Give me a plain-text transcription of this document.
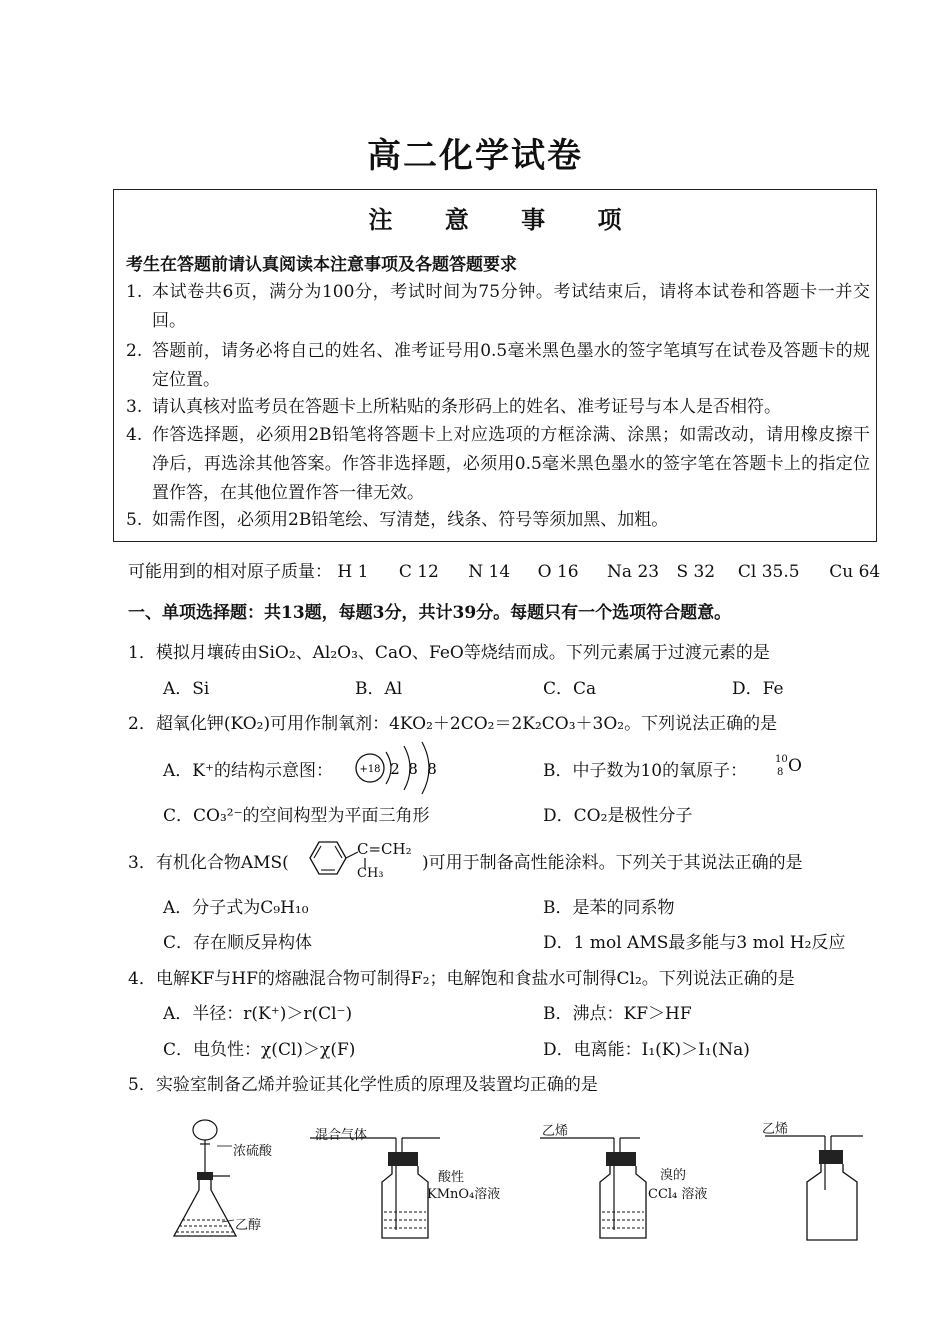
高二化学试卷
注 意 事 项
考生在答题前请认真阅读本注意事项及各题答题要求
1. 本试卷共6页，满分为100分，考试时间为75分钟。考试结束后，请将本试卷和答题卡一并交回。
2. 答题前，请务必将自己的姓名、准考证号用0.5毫米黑色墨水的签字笔填写在试卷及答题卡的规定位置。
3. 请认真核对监考员在答题卡上所粘贴的条形码上的姓名、准考证号与本人是否相符。
4. 作答选择题，必须用2B铅笔将答题卡上对应选项的方框涂满、涂黑；如需改动，请用橡皮擦干净后，再选涂其他答案。作答非选择题，必须用0.5毫米黑色墨水的签字笔在答题卡上的指定位置作答，在其他位置作答一律无效。
5. 如需作图，必须用2B铅笔绘、写清楚，线条、符号等须加黑、加粗。
可能用到的相对原子质量： H 1 C 12 N 14 O 16 Na 23 S 32 Cl 35.5 Cu 64
一、单项选择题：共13题，每题3分，共计39分。每题只有一个选项符合题意。
1．模拟月壤砖由SiO₂、Al₂O₃、CaO、FeO等烧结而成。下列元素属于过渡元素的是
A．Si	B．Al	C．Ca	D．Fe
2．超氧化钾(KO₂)可用作制氧剂：4KO₂＋2CO₂＝2K₂CO₃＋3O₂。下列说法正确的是
A．K⁺的结构示意图：	+18 2 8 8	B．中子数为10的氧原子：
10
8 O
C．CO₃²⁻的空间构型为平面三角形	D．CO₂是极性分子
3．有机化合物AMS(
C=CH₂
CH₃
)可用于制备高性能涂料。下列关于其说法正确的是
A．分子式为C₉H₁₀	B．是苯的同系物
C．存在顺反异构体	D．1 mol AMS最多能与3 mol H₂反应
4．电解KF与HF的熔融混合物可制得F₂；电解饱和食盐水可制得Cl₂。下列说法正确的是
A．半径：r(K⁺)＞r(Cl⁻)	B．沸点：KF＞HF
C．电负性：χ(Cl)＞χ(F)	D．电离能：I₁(K)＞I₁(Na)
5．实验室制备乙烯并验证其化学性质的原理及装置均正确的是
浓硫酸
乙醇
混合气体
酸性
KMnO₄溶液
乙烯
溴的
CCl₄ 溶液
乙烯
